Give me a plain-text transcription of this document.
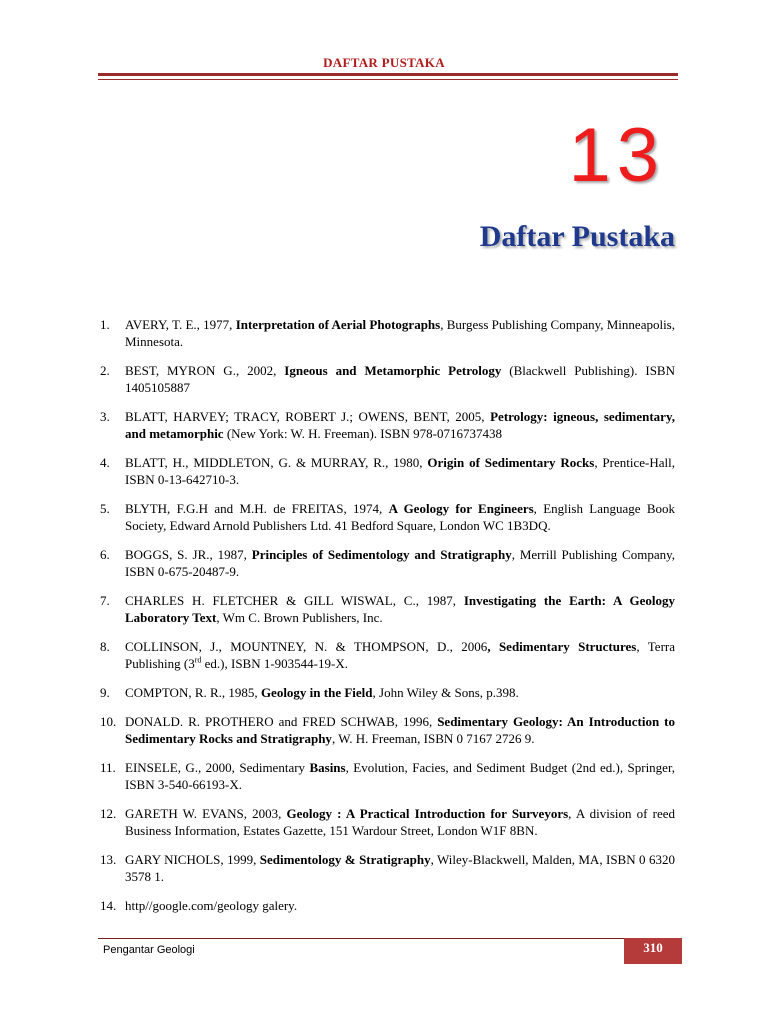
DAFTAR PUSTAKA
13
Daftar Pustaka
1. AVERY, T. E., 1977, Interpretation of Aerial Photographs, Burgess Publishing Company, Minneapolis, Minnesota.
2. BEST, MYRON G., 2002, Igneous and Metamorphic Petrology (Blackwell Publishing). ISBN 1405105887
3. BLATT, HARVEY; TRACY, ROBERT J.; OWENS, BENT, 2005, Petrology: igneous, sedimentary, and metamorphic (New York: W. H. Freeman). ISBN 978-0716737438
4. BLATT, H., MIDDLETON, G. & MURRAY, R., 1980, Origin of Sedimentary Rocks, Prentice-Hall, ISBN 0-13-642710-3.
5. BLYTH, F.G.H and M.H. de FREITAS, 1974, A Geology for Engineers, English Language Book Society, Edward Arnold Publishers Ltd. 41 Bedford Square, London WC 1B3DQ.
6. BOGGS, S. JR., 1987, Principles of Sedimentology and Stratigraphy, Merrill Publishing Company, ISBN 0-675-20487-9.
7. CHARLES H. FLETCHER & GILL WISWAL, C., 1987, Investigating the Earth: A Geology Laboratory Text, Wm C. Brown Publishers, Inc.
8. COLLINSON, J., MOUNTNEY, N. & THOMPSON, D., 2006, Sedimentary Structures, Terra Publishing (3rd ed.), ISBN 1-903544-19-X.
9. COMPTON, R. R., 1985, Geology in the Field, John Wiley & Sons, p.398.
10. DONALD. R. PROTHERO and FRED SCHWAB, 1996, Sedimentary Geology: An Introduction to Sedimentary Rocks and Stratigraphy, W. H. Freeman, ISBN 0 7167 2726 9.
11. EINSELE, G., 2000, Sedimentary Basins, Evolution, Facies, and Sediment Budget (2nd ed.), Springer, ISBN 3-540-66193-X.
12. GARETH W. EVANS, 2003, Geology : A Practical Introduction for Surveyors, A division of reed Business Information, Estates Gazette, 151 Wardour Street, London W1F 8BN.
13. GARY NICHOLS, 1999, Sedimentology & Stratigraphy, Wiley-Blackwell, Malden, MA, ISBN 0 6320 3578 1.
14. http//google.com/geology galery.
Pengantar Geologi	310
